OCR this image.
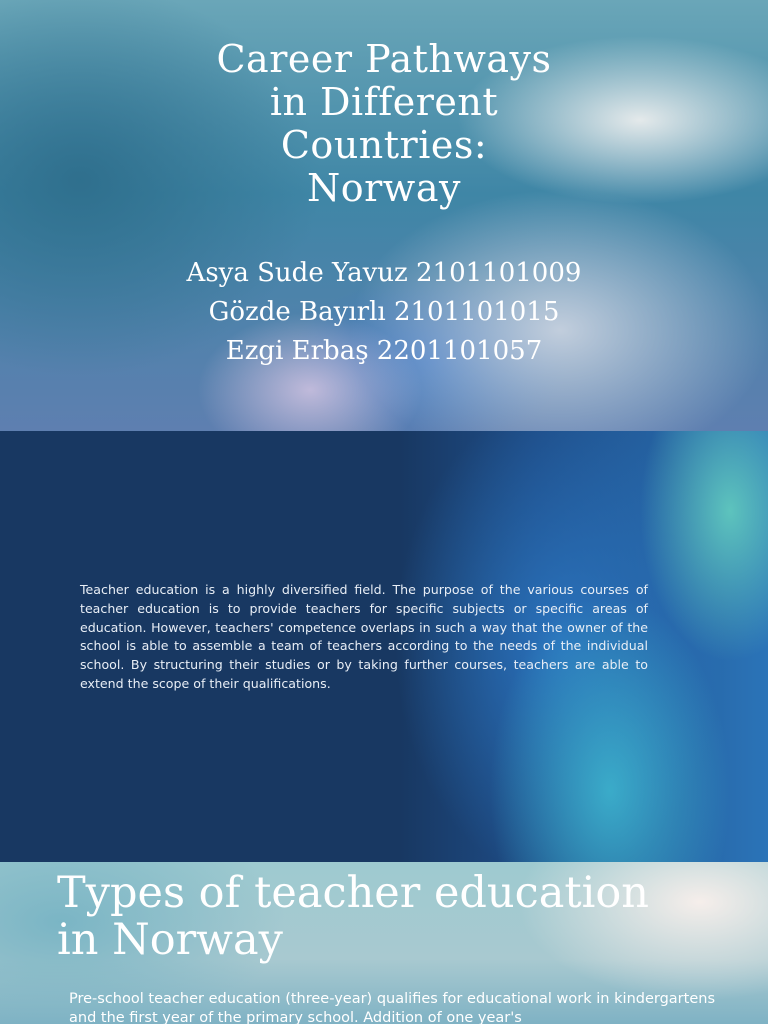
Career Pathways
in Different
Countries:
Norway
Asya Sude Yavuz 2101101009
Gözde Bayırlı 2101101015
Ezgi Erbaş 2201101057

Teacher education is a highly diversified field. The purpose of the various courses of teacher education is to provide teachers for specific subjects or specific areas of education. However, teachers' competence overlaps in such a way that the owner of the school is able to assemble a team of teachers according to the needs of the individual school. By structuring their studies or by taking further courses, teachers are able to extend the scope of their qualifications.

Types of teacher education
in Norway

Pre-school teacher education (three-year) qualifies for educational work in kindergartens and the first year of the primary school. Addition of one year's
